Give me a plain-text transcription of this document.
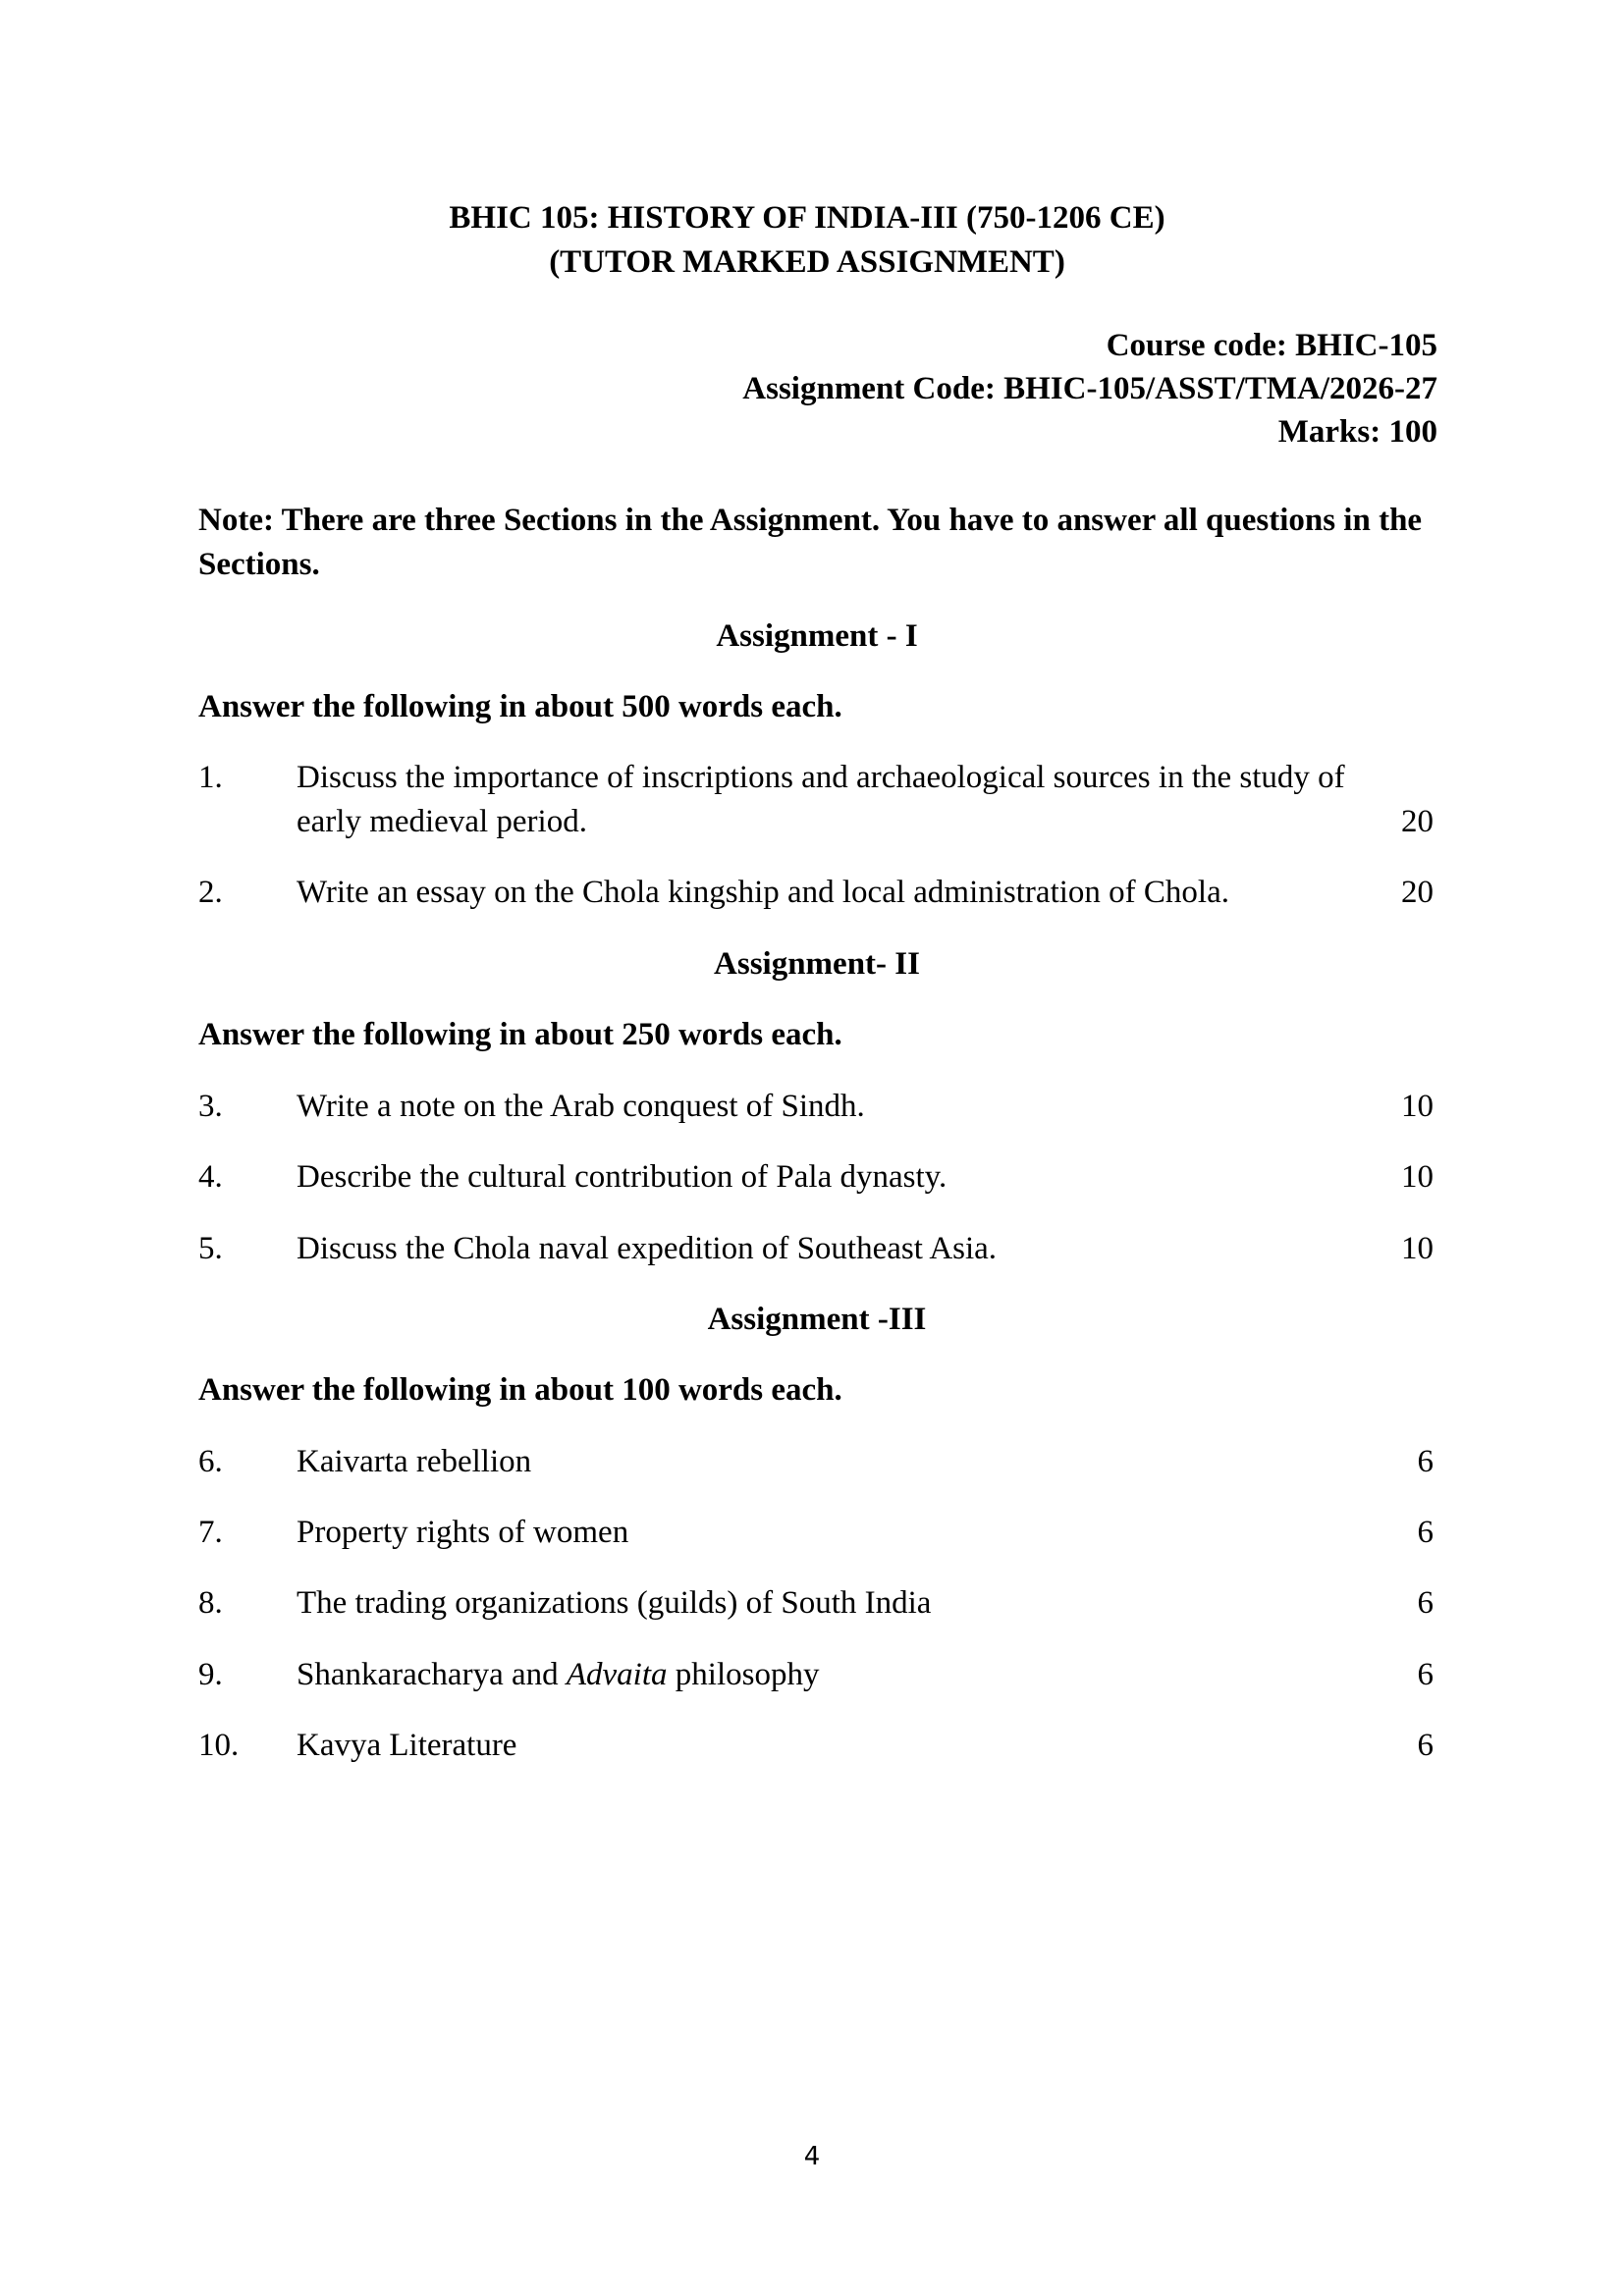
BHIC 105: HISTORY OF INDIA-III (750-1206 CE)
(TUTOR MARKED ASSIGNMENT)
Course code: BHIC-105
Assignment Code: BHIC-105/ASST/TMA/2026-27
Marks: 100
Note: There are three Sections in the Assignment. You have to answer all questions in the Sections.
Assignment - I
Answer the following in about 500 words each.
1. Discuss the importance of inscriptions and archaeological sources in the study of early medieval period.	20
2. Write an essay on the Chola kingship and local administration of Chola.	20
Assignment- II
Answer the following in about 250 words each.
3. Write a note on the Arab conquest of Sindh.	10
4. Describe the cultural contribution of Pala dynasty.	10
5. Discuss the Chola naval expedition of Southeast Asia.	10
Assignment -III
Answer the following in about 100 words each.
6. Kaivarta rebellion	6
7. Property rights of women	6
8. The trading organizations (guilds) of South India	6
9. Shankaracharya and Advaita philosophy	6
10. Kavya Literature	6
4
